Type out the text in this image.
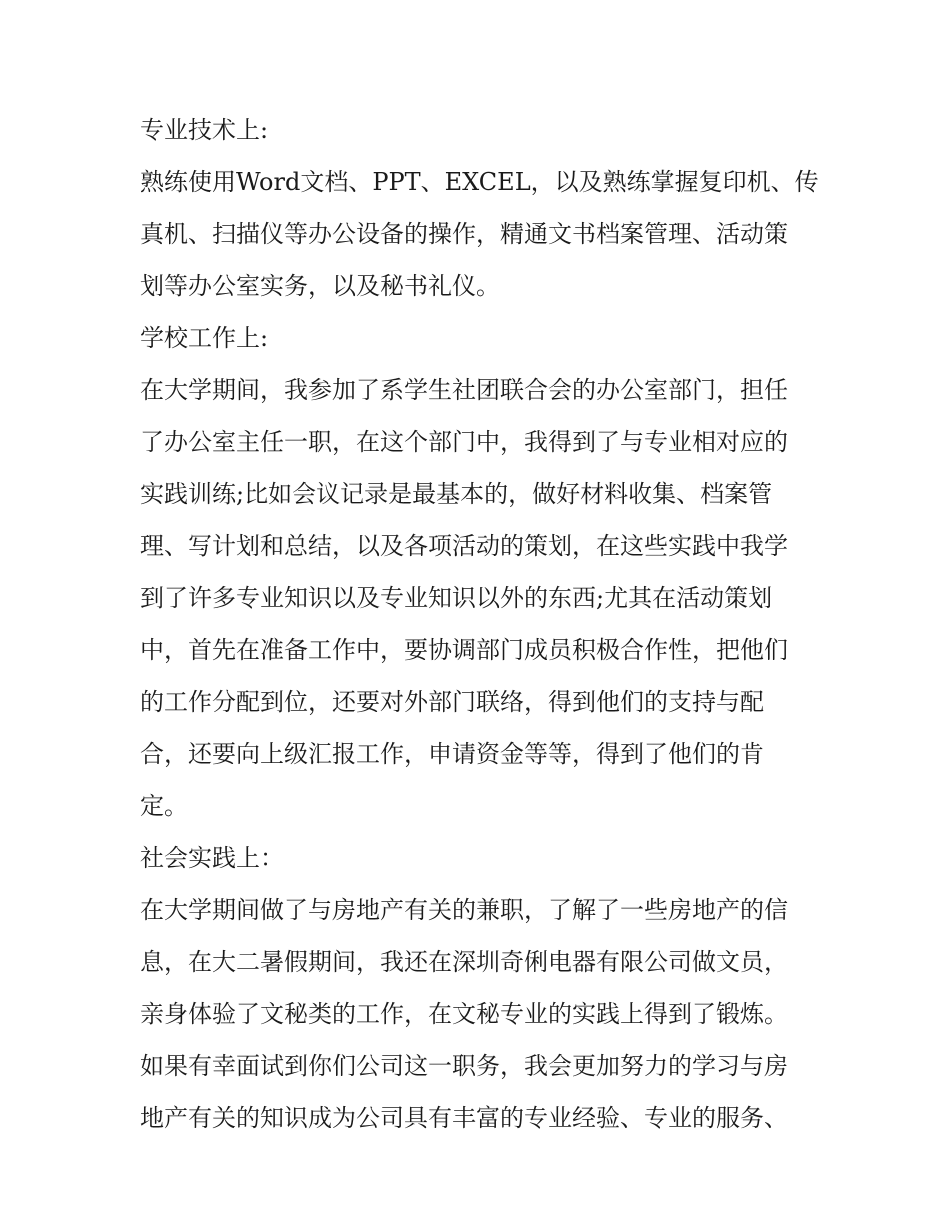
专业技术上:
熟练使用Word文档、PPT、EXCEL，以及熟练掌握复印机、传
真机、扫描仪等办公设备的操作，精通文书档案管理、活动策
划等办公室实务，以及秘书礼仪。
学校工作上:
在大学期间，我参加了系学生社团联合会的办公室部门，担任
了办公室主任一职，在这个部门中，我得到了与专业相对应的
实践训练;比如会议记录是最基本的，做好材料收集、档案管
理、写计划和总结，以及各项活动的策划，在这些实践中我学
到了许多专业知识以及专业知识以外的东西;尤其在活动策划
中，首先在准备工作中，要协调部门成员积极合作性，把他们
的工作分配到位，还要对外部门联络，得到他们的支持与配
合，还要向上级汇报工作，申请资金等等，得到了他们的肯
定。
社会实践上：
在大学期间做了与房地产有关的兼职，了解了一些房地产的信
息，在大二暑假期间，我还在深圳奇俐电器有限公司做文员，
亲身体验了文秘类的工作，在文秘专业的实践上得到了锻炼。
如果有幸面试到你们公司这一职务，我会更加努力的学习与房
地产有关的知识成为公司具有丰富的专业经验、专业的服务、
